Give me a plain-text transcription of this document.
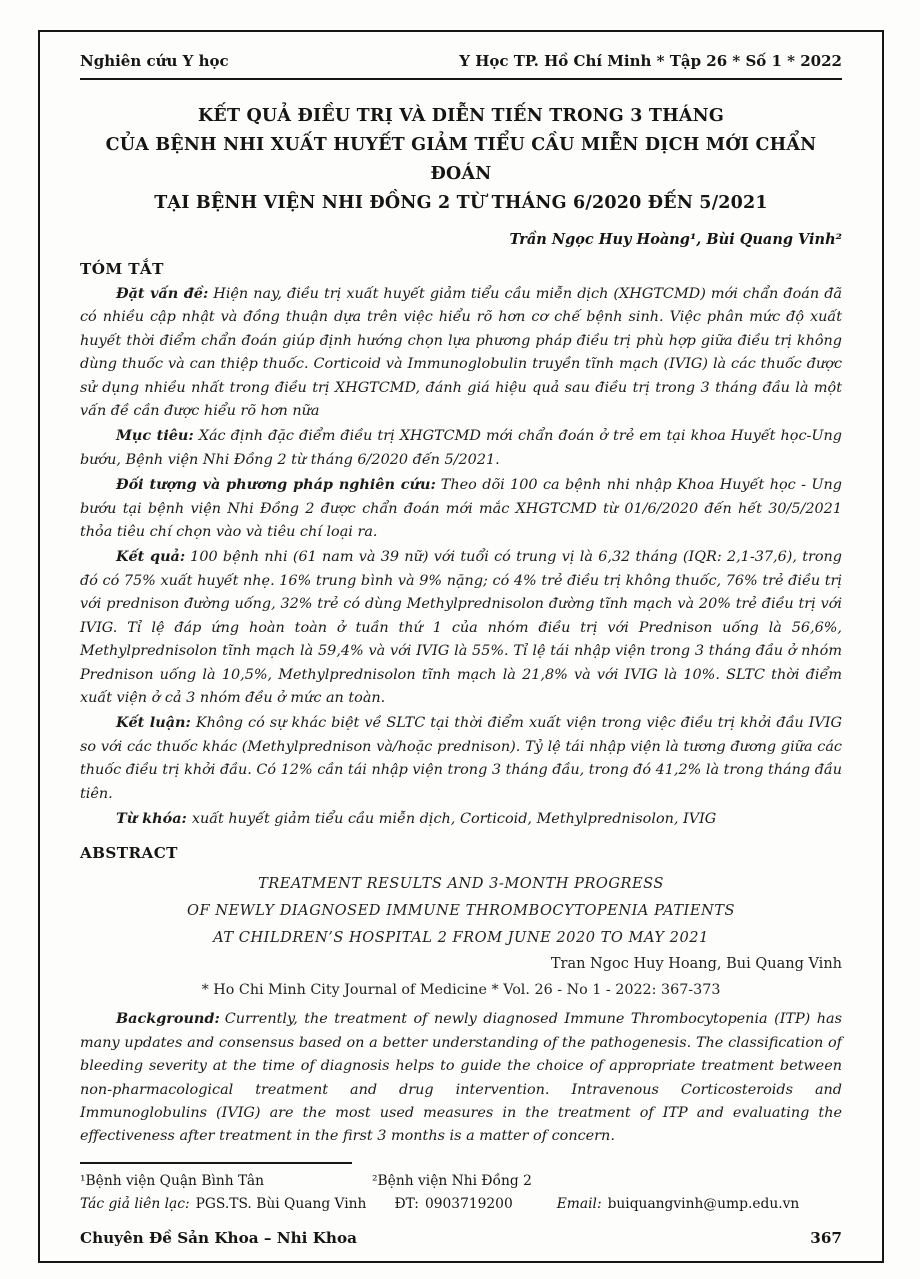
Nghiên cứu Y học	Y Học TP. Hồ Chí Minh * Tập 26 * Số 1 * 2022
KẾT QUẢ ĐIỀU TRỊ VÀ DIỄN TIẾN TRONG 3 THÁNG
CỦA BỆNH NHI XUẤT HUYẾT GIẢM TIỂU CẦU MIỄN DỊCH MỚI CHẨN ĐOÁN
TẠI BỆNH VIỆN NHI ĐỒNG 2 TỪ THÁNG 6/2020 ĐẾN 5/2021
Trần Ngọc Huy Hoàng¹, Bùi Quang Vinh²
TÓM TẮT

Đặt vấn đề: Hiện nay, điều trị xuất huyết giảm tiểu cầu miễn dịch (XHGTCMD) mới chẩn đoán đã có nhiều cập nhật và đồng thuận dựa trên việc hiểu rõ hơn cơ chế bệnh sinh. Việc phân mức độ xuất huyết thời điểm chẩn đoán giúp định hướng chọn lựa phương pháp điều trị phù hợp giữa điều trị không dùng thuốc và can thiệp thuốc. Corticoid và Immunoglobulin truyền tĩnh mạch (IVIG) là các thuốc được sử dụng nhiều nhất trong điều trị XHGTCMD, đánh giá hiệu quả sau điều trị trong 3 tháng đầu là một vấn đề cần được hiểu rõ hơn nữa

Mục tiêu: Xác định đặc điểm điều trị XHGTCMD mới chẩn đoán ở trẻ em tại khoa Huyết học-Ung bướu, Bệnh viện Nhi Đồng 2 từ tháng 6/2020 đến 5/2021.

Đối tượng và phương pháp nghiên cứu: Theo dõi 100 ca bệnh nhi nhập Khoa Huyết học - Ung bướu tại bệnh viện Nhi Đồng 2 được chẩn đoán mới mắc XHGTCMD từ 01/6/2020 đến hết 30/5/2021 thỏa tiêu chí chọn vào và tiêu chí loại ra.

Kết quả: 100 bệnh nhi (61 nam và 39 nữ) với tuổi có trung vị là 6,32 tháng (IQR: 2,1-37,6), trong đó có 75% xuất huyết nhẹ. 16% trung bình và 9% nặng; có 4% trẻ điều trị không thuốc, 76% trẻ điều trị với prednison đường uống, 32% trẻ có dùng Methylprednisolon đường tĩnh mạch và 20% trẻ điều trị với IVIG. Tỉ lệ đáp ứng hoàn toàn ở tuần thứ 1 của nhóm điều trị với Prednison uống là 56,6%, Methylprednisolon tĩnh mạch là 59,4% và với IVIG là 55%. Tỉ lệ tái nhập viện trong 3 tháng đầu ở nhóm Prednison uống là 10,5%, Methylprednisolon tĩnh mạch là 21,8% và với IVIG là 10%. SLTC thời điểm xuất viện ở cả 3 nhóm đều ở mức an toàn.

Kết luận: Không có sự khác biệt về SLTC tại thời điểm xuất viện trong việc điều trị khởi đầu IVIG so với các thuốc khác (Methylprednison và/hoặc prednison). Tỷ lệ tái nhập viện là tương đương giữa các thuốc điều trị khởi đầu. Có 12% cần tái nhập viện trong 3 tháng đầu, trong đó 41,2% là trong tháng đầu tiên.

Từ khóa: xuất huyết giảm tiểu cầu miễn dịch, Corticoid, Methylprednisolon, IVIG

ABSTRACT
TREATMENT RESULTS AND 3-MONTH PROGRESS
OF NEWLY DIAGNOSED IMMUNE THROMBOCYTOPENIA PATIENTS
AT CHILDREN’S HOSPITAL 2 FROM JUNE 2020 TO MAY 2021
Tran Ngoc Huy Hoang, Bui Quang Vinh
* Ho Chi Minh City Journal of Medicine * Vol. 26 - No 1 - 2022: 367-373

Background: Currently, the treatment of newly diagnosed Immune Thrombocytopenia (ITP) has many updates and consensus based on a better understanding of the pathogenesis. The classification of bleeding severity at the time of diagnosis helps to guide the choice of appropriate treatment between non-pharmacological treatment and drug intervention. Intravenous Corticosteroids and Immunoglobulins (IVIG) are the most used measures in the treatment of ITP and evaluating the effectiveness after treatment in the first 3 months is a matter of concern.

¹Bệnh viện Quận Bình Tân	²Bệnh viện Nhi Đồng 2
Tác giả liên lạc: PGS.TS. Bùi Quang Vinh ĐT: 0903719200	Email: buiquangvinh@ump.edu.vn
Chuyên Đề Sản Khoa – Nhi Khoa	367
